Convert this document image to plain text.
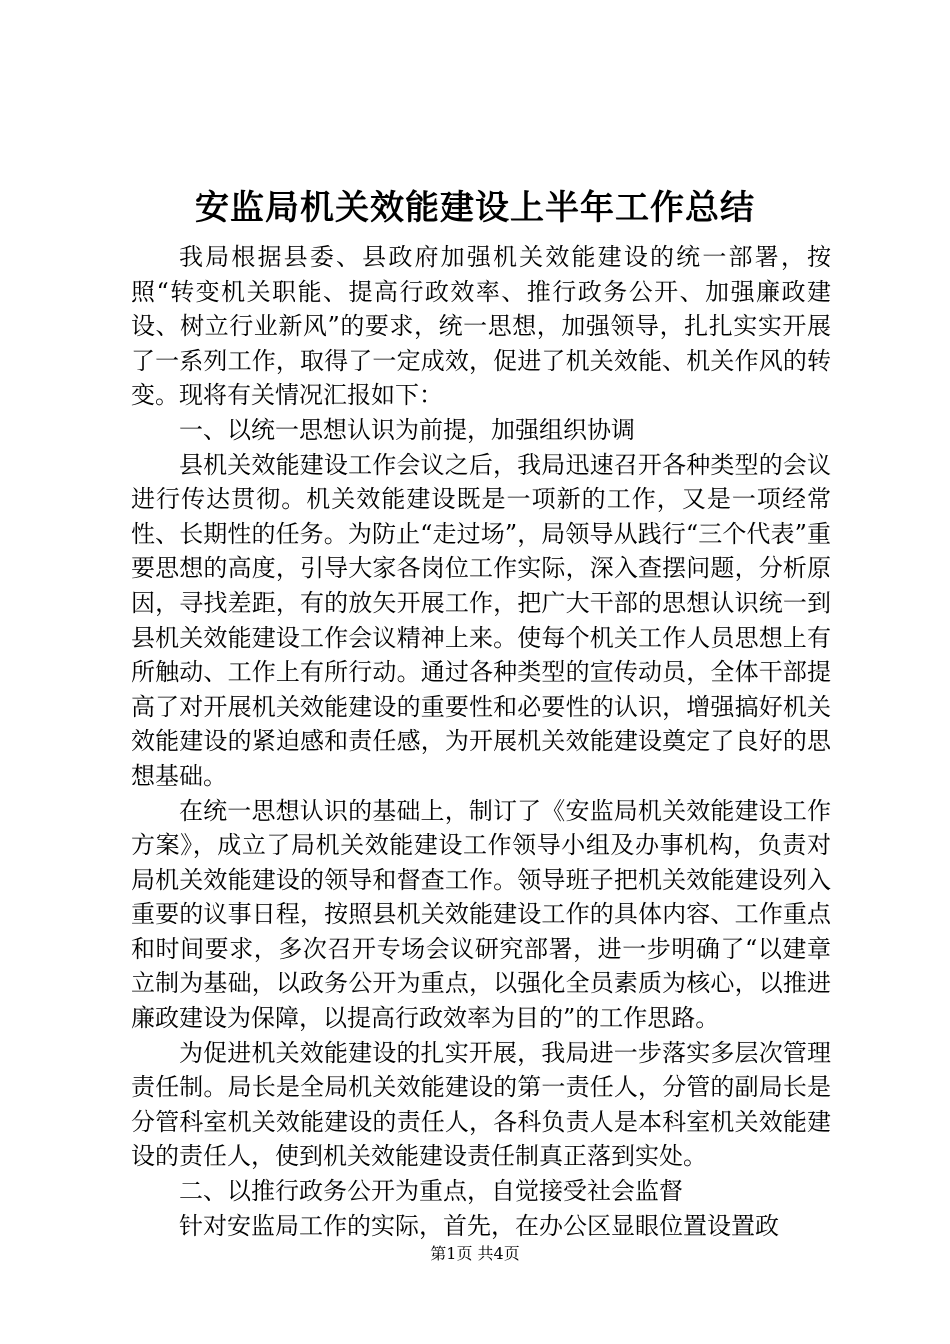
安监局机关效能建设上半年工作总结

我局根据县委、县政府加强机关效能建设的统一部署，按照“转变机关职能、提高行政效率、推行政务公开、加强廉政建设、树立行业新风”的要求，统一思想，加强领导，扎扎实实开展了一系列工作，取得了一定成效，促进了机关效能、机关作风的转变。现将有关情况汇报如下：

一、以统一思想认识为前提，加强组织协调

县机关效能建设工作会议之后，我局迅速召开各种类型的会议进行传达贯彻。机关效能建设既是一项新的工作，又是一项经常性、长期性的任务。为防止“走过场”，局领导从践行“三个代表”重要思想的高度，引导大家各岗位工作实际，深入查摆问题，分析原因，寻找差距，有的放矢开展工作，把广大干部的思想认识统一到县机关效能建设工作会议精神上来。使每个机关工作人员思想上有所触动、工作上有所行动。通过各种类型的宣传动员，全体干部提高了对开展机关效能建设的重要性和必要性的认识，增强搞好机关效能建设的紧迫感和责任感，为开展机关效能建设奠定了良好的思想基础。

在统一思想认识的基础上，制订了《安监局机关效能建设工作方案》，成立了局机关效能建设工作领导小组及办事机构，负责对局机关效能建设的领导和督查工作。领导班子把机关效能建设列入重要的议事日程，按照县机关效能建设工作的具体内容、工作重点和时间要求，多次召开专场会议研究部署，进一步明确了“以建章立制为基础，以政务公开为重点，以强化全员素质为核心，以推进廉政建设为保障，以提高行政效率为目的”的工作思路。

为促进机关效能建设的扎实开展，我局进一步落实多层次管理责任制。局长是全局机关效能建设的第一责任人，分管的副局长是分管科室机关效能建设的责任人，各科负责人是本科室机关效能建设的责任人，使到机关效能建设责任制真正落到实处。

二、以推行政务公开为重点，自觉接受社会监督

针对安监局工作的实际，首先，在办公区显眼位置设置政

第1页 共4页
